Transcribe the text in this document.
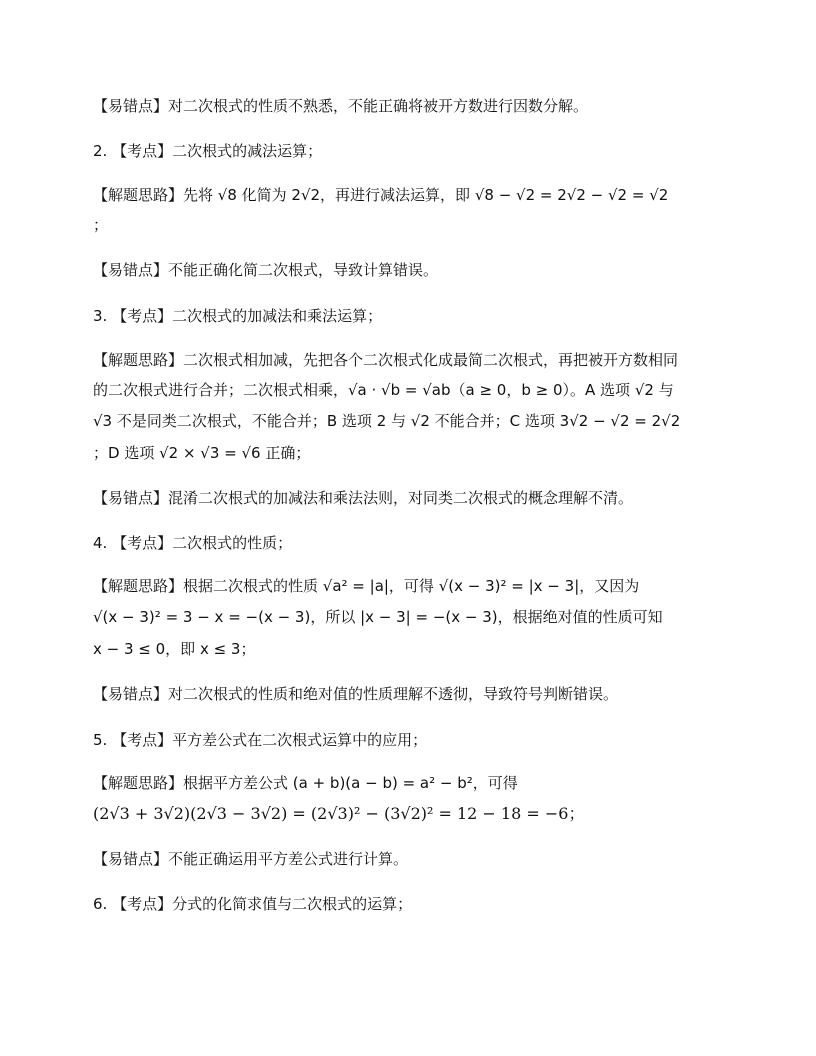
【易错点】对二次根式的性质不熟悉，不能正确将被开方数进行因数分解。
2. 【考点】二次根式的减法运算；
【解题思路】先将 √8 化简为 2√2，再进行减法运算，即 √8 − √2 = 2√2 − √2 = √2
；
【易错点】不能正确化简二次根式，导致计算错误。
3. 【考点】二次根式的加减法和乘法运算；
【解题思路】二次根式相加减，先把各个二次根式化成最简二次根式，再把被开方数相同
的二次根式进行合并；二次根式相乘，√a · √b = √ab（a ≥ 0，b ≥ 0）。A 选项 √2 与
√3 不是同类二次根式，不能合并；B 选项 2 与 √2 不能合并；C 选项 3√2 − √2 = 2√2
；D 选项 √2 × √3 = √6 正确；
【易错点】混淆二次根式的加减法和乘法法则，对同类二次根式的概念理解不清。
4. 【考点】二次根式的性质；
【解题思路】根据二次根式的性质 √a² = |a|，可得 √(x − 3)² = |x − 3|，又因为
√(x − 3)² = 3 − x = −(x − 3)，所以 |x − 3| = −(x − 3)，根据绝对值的性质可知
x − 3 ≤ 0，即 x ≤ 3；
【易错点】对二次根式的性质和绝对值的性质理解不透彻，导致符号判断错误。
5. 【考点】平方差公式在二次根式运算中的应用；
【解题思路】根据平方差公式 (a + b)(a − b) = a² − b²，可得
(2√3 + 3√2)(2√3 − 3√2) = (2√3)² − (3√2)² = 12 − 18 = −6；
【易错点】不能正确运用平方差公式进行计算。
6. 【考点】分式的化简求值与二次根式的运算；
